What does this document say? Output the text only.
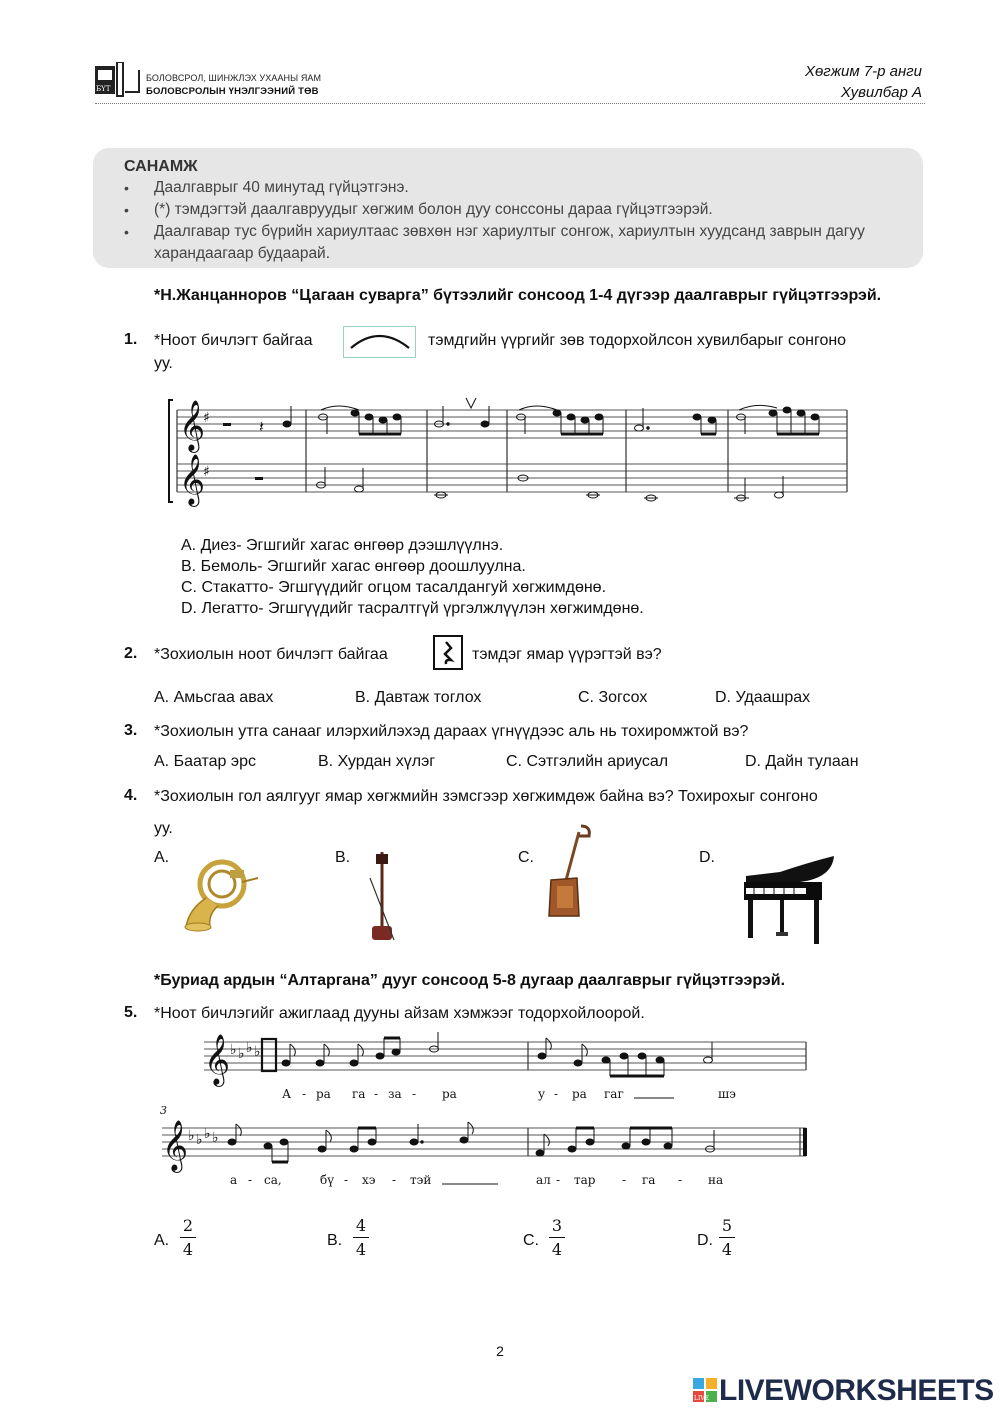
БҮТ
БОЛОВСРОЛ, ШИНЖЛЭХ УХААНЫ ЯАМ
БОЛОВСРОЛЫН ҮНЭЛГЭЭНИЙ ТӨВ
Хөгжим 7-р анги
Хувилбар А
САНАМЖ
• Даалгаврыг 40 минутад гүйцэтгэнэ.
• (*) тэмдэгтэй даалгавруудыг хөгжим болон дуу сонссоны дараа гүйцэтгээрэй.
• Даалгавар тус бүрийн хариултаас зөвхөн нэг хариултыг сонгож, хариултын хуудсанд заврын дагуу харандаагаар будаарай.
*Н.Жанцанноров “Цагаан суварга” бүтээлийг сонсоод 1-4 дүгээр даалгаврыг гүйцэтгээрэй.
1. *Ноот бичлэгт байгаа	тэмдгийн үүргийг зөв тодорхойлсон хувилбарыг сонгоно
уу.
𝄞
𝄞
♯
♯
𝄽
A. Диез- Эгшгийг хагас өнгөөр дээшлүүлнэ.
B. Бемоль- Эгшгийг хагас өнгөөр доошлуулна.
C. Стакатто- Эгшгүүдийг огцом тасалдангуй хөгжимдөнө.
D. Легатто- Эгшгүүдийг тасралтгүй үргэлжлүүлэн хөгжимдөнө.
2. *Зохиолын ноот бичлэгт байгаа	тэмдэг ямар үүрэгтэй вэ?
A. Амьсгаа авах	B. Давтаж тоглох	C. Зогсох	D. Удаашрах
3. *Зохиолын утга санааг илэрхийлэхэд дараах үгнүүдээс аль нь тохиромжтой вэ?
A. Баатар эрс	B. Хурдан хүлэг	C. Сэтгэлийн ариусал	D. Дайн тулаан
4. *Зохиолын гол аялгууг ямар хөгжмийн зэмсгээр хөгжимдөж байна вэ? Тохирохыг сонгоно
уу.
A.	B.	C.	D.
*Буриад ардын “Алтаргана” дууг сонсоод 5-8 дугаар даалгаврыг гүйцэтгээрэй.
5. *Ноот бичлэгийг ажиглаад дууны айзам хэмжээг тодорхойлоорой.
𝄞 ♭ ♭ ♭ ♭
𝄞 ♭ ♭ ♭ ♭
3
А - ра га - за - ра	у - ра гаг	шэ
а - са,	бү - хэ - тэй	ал - тар - га - на
A.
2
4	B.
4
4	C.
3
4	D.
5
4
2
LIVE LIVEWORKSHEETS
